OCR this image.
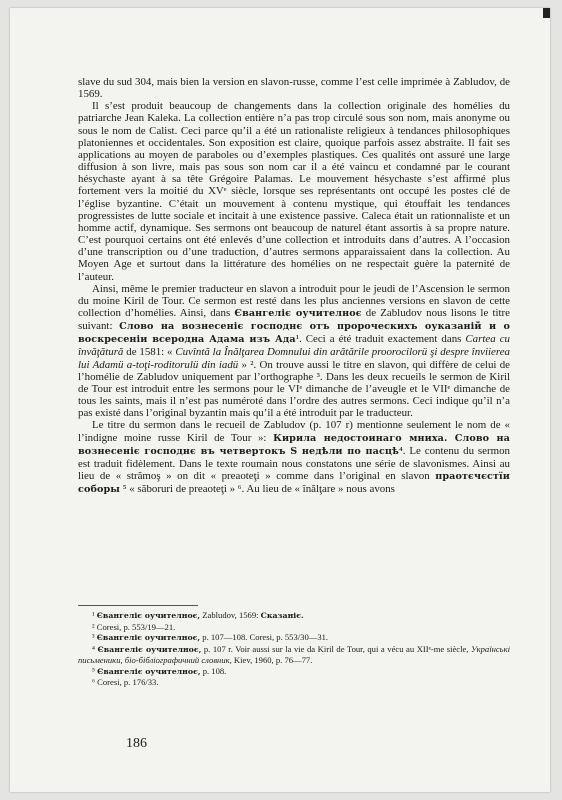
slave du sud 304, mais bien la version en slavon-russe, comme l’est celle imprimée à Zabludov, de 1569.

Il s’est produit beaucoup de changements dans la collection originale des homélies du patriarche Jean Kaleka. La collection entière n’a pas trop circulé sous son nom, mais anonyme ou sous le nom de Calist. Ceci parce qu’il a été un rationaliste religieux à tendances philosophiques platoniennes et occidentales. Son exposition est claire, quoique parfois assez abstraite. Il fait ses applications au moyen de paraboles ou d’exemples plastiques. Ces qualités ont assuré une large diffusion à son livre, mais pas sous son nom car il a été vaincu et condamné par le courant hésychaste ayant à sa tête Grégoire Palamas. Le mouvement hésychaste s’est affirmé plus fortement vers la moitié du XVᵉ siècle, lorsque ses représentants ont occupé les postes clé de l’église byzantine. C’était un mouvement à contenu mystique, qui étouffait les tendances progressistes de lutte sociale et incitait à une existence passive. Caleca était un rationnaliste et un homme actif, dynamique. Ses sermons ont beaucoup de naturel étant assortis à sa propre nature. C’est pourquoi certains ont été enlevés d’une collection et introduits dans d’autres. A l’occasion d’une transcription ou d’une traduction, d’autres sermons apparaissaient dans la collection. Au Moyen Age et surtout dans la littérature des homélies on ne respectait guère la paternité de l’auteur.

Ainsi, même le premier traducteur en slavon a introduit pour le jeudi de l’Ascension le sermon du moine Kiril de Tour. Ce sermon est resté dans les plus anciennes versions en slavon de cette collection d’homélies. Ainsi, dans Євангеліє оучителноє de Zabludov nous lisons le titre suivant: Слово на вознесеніє господнє отъ пророческихъ оуказаній и о воскресеніи всеродна Адама изъ Ада¹. Ceci a été traduit exactement dans Cartea cu învăţătură de 1581: « Cuvîntă la Înălţarea Domnului din arătările proorocilorü şi despre înviierea lui Adamü a-toţi-roditorulü din iadü » ². On trouve aussi le titre en slavon, qui diffère de celui de l’homélie de Zabludov uniquement par l’orthographe ³. Dans les deux recueils le sermon de Kiril de Tour est introduit entre les sermons pour le VIᵉ dimanche de l’aveugle et le VIIᵉ dimanche de tous les saints, mais il n’est pas numéroté dans l’ordre des autres sermons. Ceci indique qu’il n’a pas existé dans l’original byzantin mais qu’il a été introduit par le traducteur.

Le titre du sermon dans le recueil de Zabludov (p. 107 r) mentionne seulement le nom de « l’indigne moine russe Kiril de Tour »: Кирила недостоинаго мниха. Слово на вознесеніє господнє въ четвертокъ Ѕ недѣли по пасцѣ⁴. Le contenu du sermon est traduit fidèlement. Dans le texte roumain nous constatons une série de slavonismes. Ainsi au lieu de « strămoş » on dit « preaoteţi » comme dans l’original en slavon праотєчєстїи соборы ⁵ « săboruri de preaoteţi » ⁶. Au lieu de « înălţare » nous avons

¹ Євангеліє оучителноє, Zabludov, 1569: Сказаніє.
² Coresi, p. 553/19—21.
³ Євангеліє оучителноє, p. 107—108. Coresi, p. 553/30—31.
⁴ Євангеліє оучителноє, p. 107 r. Voir aussi sur la vie da Kiril de Tour, qui a vécu au XIIᵉ-me siècle, Українські письменики, біо-бібліографичний словник, Kiev, 1960, p. 76—77.
⁵ Євангеліє оучителноє, p. 108.
⁶ Coresi, p. 176/33.
186
